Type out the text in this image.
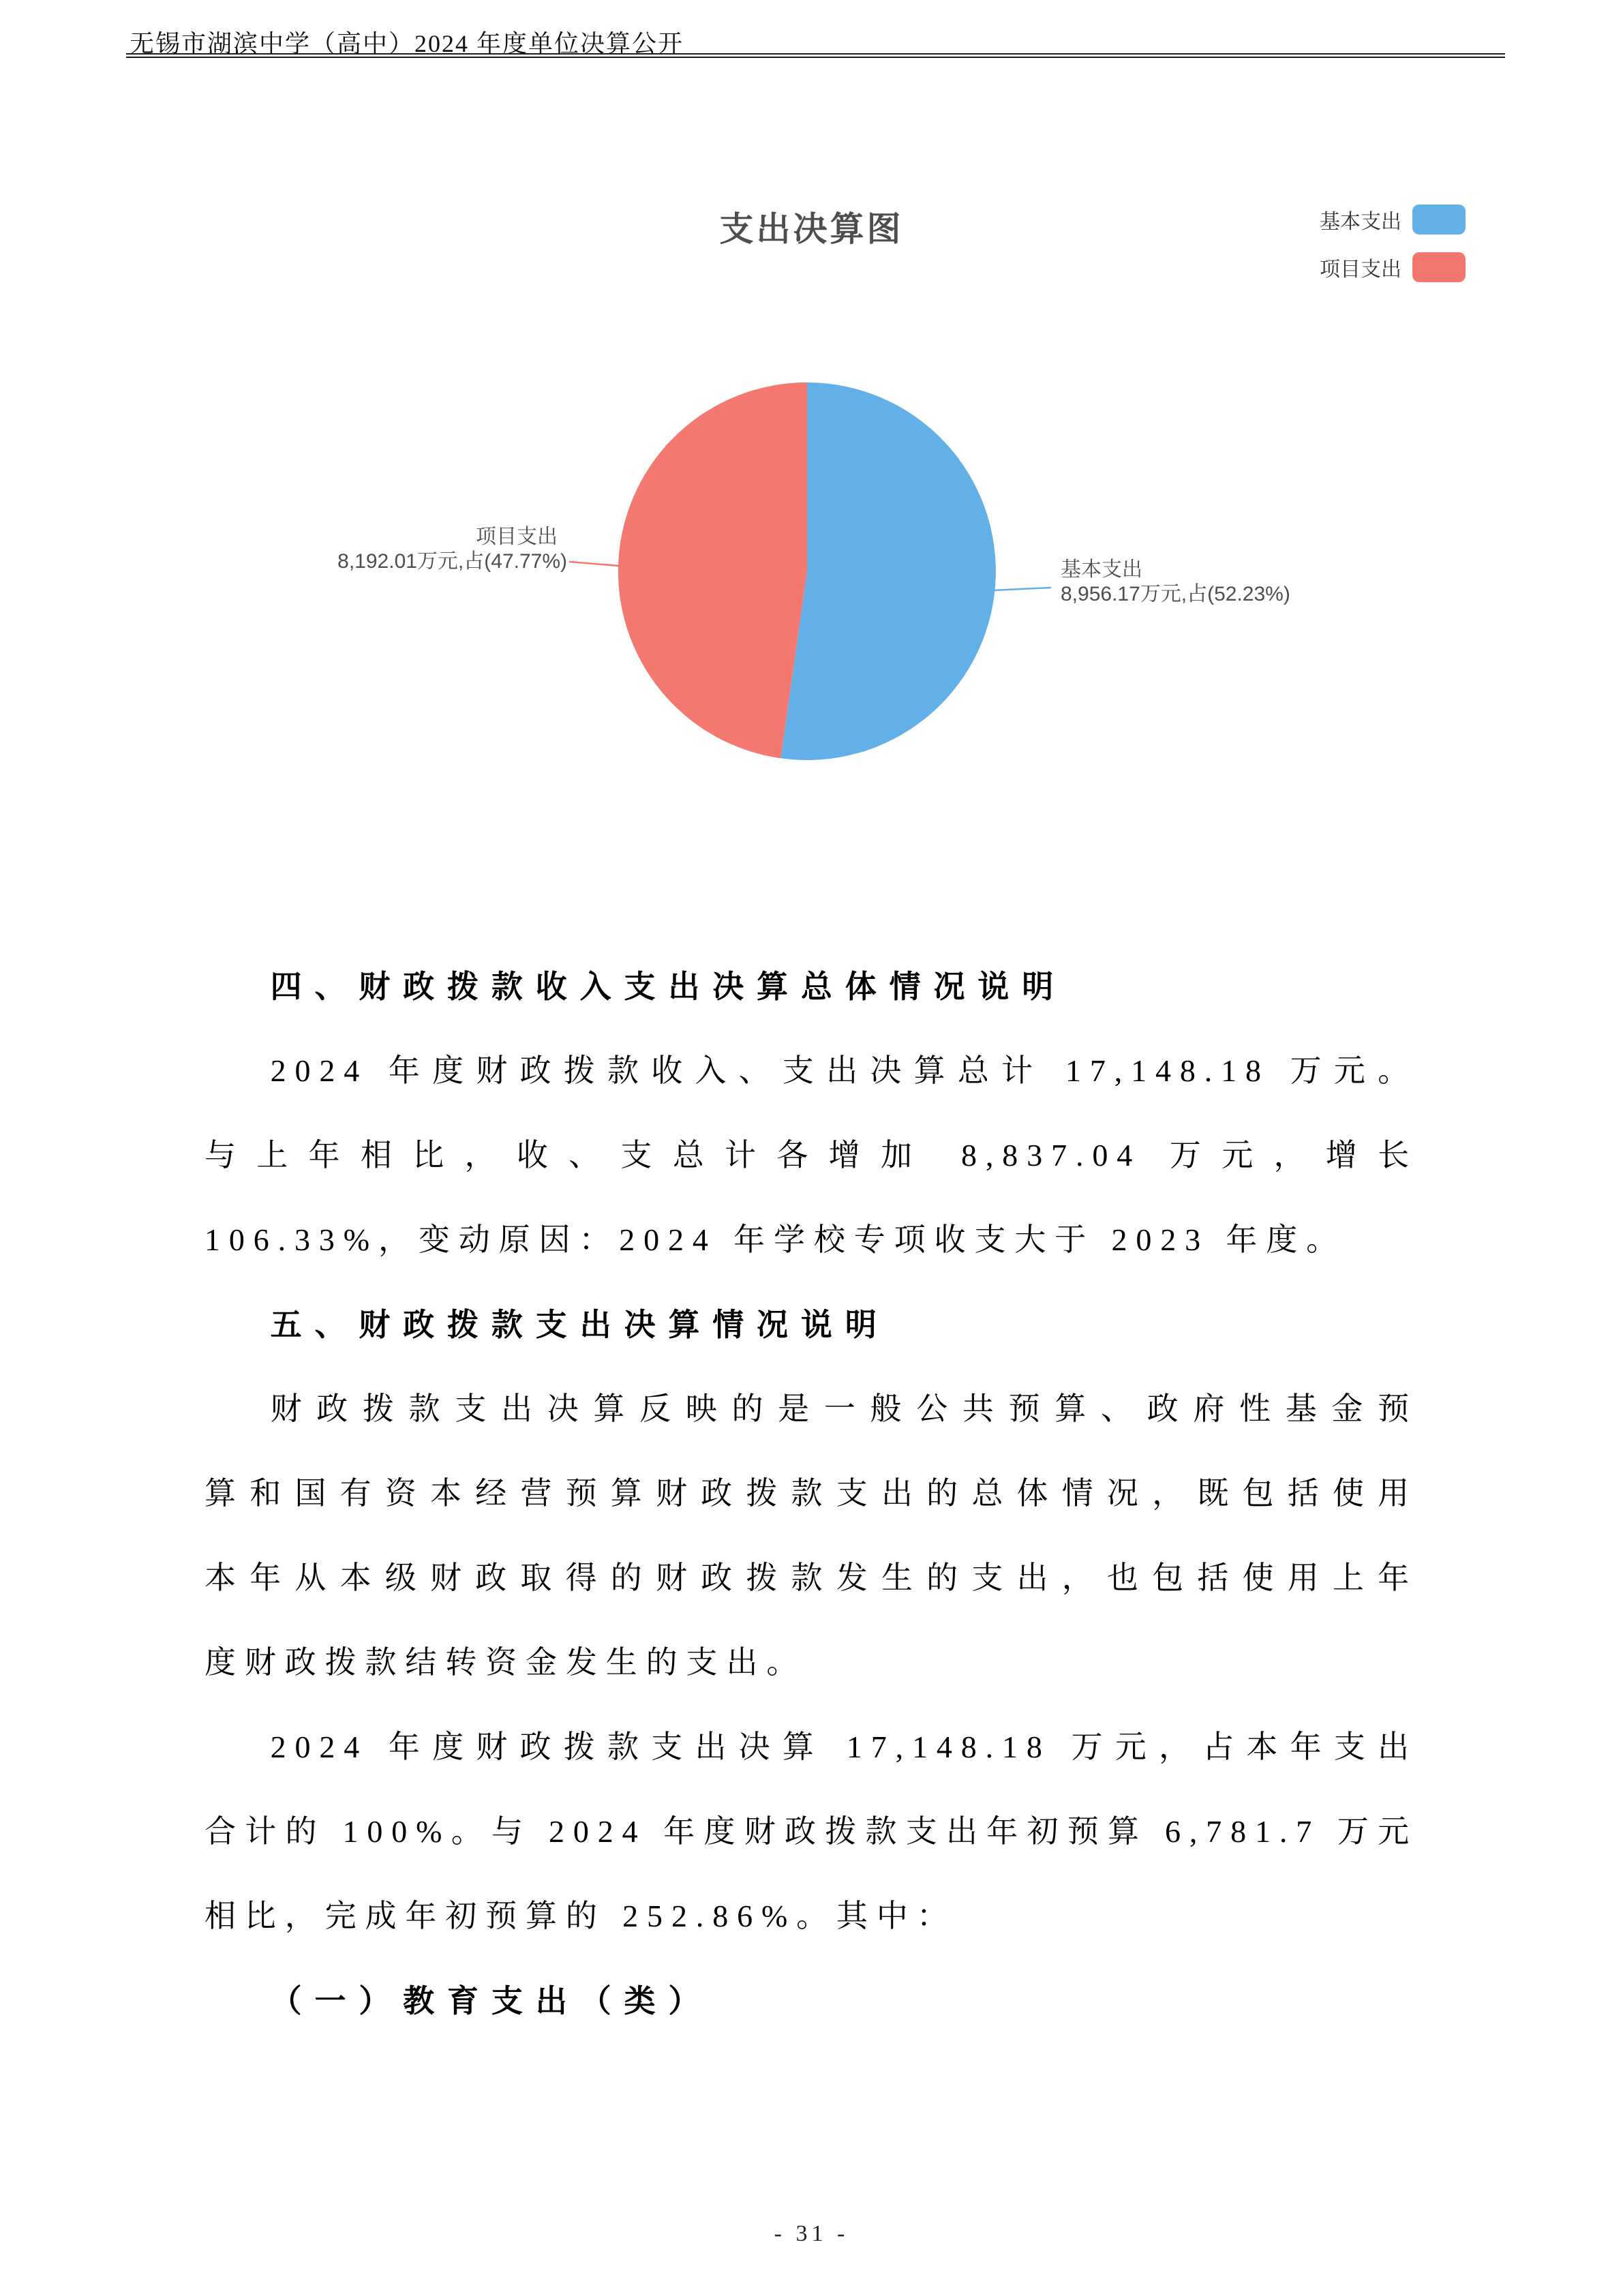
无锡市湖滨中学（高中）2024 年度单位决算公开
支出决算图	基本支出
项目支出
项目支出
8,192.01万元,占(47.77%)	基本支出
8,956.17万元,占(52.23%)
四、财政拨款收入支出决算总体情况说明
2024 年度财政拨款收入、支出决算总计 17,148.18 万元。
与上年相比，收、支总计各增加 8,837.04 万元，增长
106.33%，变动原因：2024 年学校专项收支大于 2023 年度。
五、财政拨款支出决算情况说明
财政拨款支出决算反映的是一般公共预算、政府性基金预
算和国有资本经营预算财政拨款支出的总体情况，既包括使用
本年从本级财政取得的财政拨款发生的支出，也包括使用上年
度财政拨款结转资金发生的支出。
2024 年度财政拨款支出决算 17,148.18 万元，占本年支出
合计的 100%。与 2024 年度财政拨款支出年初预算 6,781.7 万元
相比，完成年初预算的 252.86%。其中：
（一）教育支出（类）
- 31 -
